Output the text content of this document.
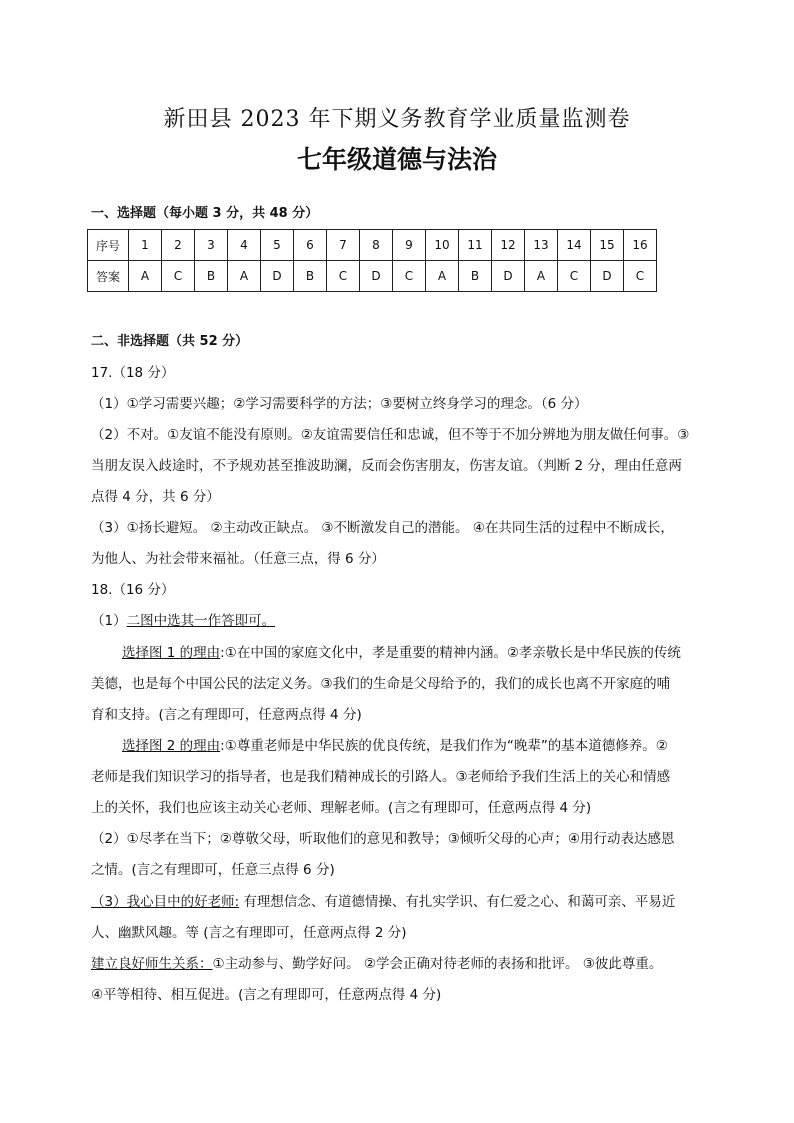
新田县 2023 年下期义务教育学业质量监测卷
七年级道德与法治
一、选择题（每小题 3 分，共 48 分）
序号	1	2	3	4	5	6	7	8	9	10	11	12	13	14	15	16
答案	A	C	B	A	D	B	C	D	C	A	B	D	A	C	D	C
二、非选择题（共 52 分）
17.（18 分）
（1）①学习需要兴趣；②学习需要科学的方法；③要树立终身学习的理念。（6 分）
（2）不对。①友谊不能没有原则。②友谊需要信任和忠诚，但不等于不加分辨地为朋友做任何事。③
当朋友误入歧途时，不予规劝甚至推波助澜，反而会伤害朋友，伤害友谊。（判断 2 分，理由任意两
点得 4 分，共 6 分）
（3）①扬长避短。 ②主动改正缺点。 ③不断激发自己的潜能。 ④在共同生活的过程中不断成长，
为他人、为社会带来福祉。（任意三点，得 6 分）
18.（16 分）
（1）二图中选其一作答即可。
选择图 1 的理由:①在中国的家庭文化中，孝是重要的精神内涵。②孝亲敬长是中华民族的传统
美德，也是每个中国公民的法定义务。③我们的生命是父母给予的，我们的成长也离不开家庭的哺
育和支持。(言之有理即可，任意两点得 4 分)
选择图 2 的理由:①尊重老师是中华民族的优良传统，是我们作为“晚辈”的基本道德修养。②
老师是我们知识学习的指导者，也是我们精神成长的引路人。③老师给予我们生活上的关心和情感
上的关怀，我们也应该主动关心老师、理解老师。(言之有理即可，任意两点得 4 分)
（2）①尽孝在当下；②尊敬父母，听取他们的意见和教导；③倾听父母的心声；④用行动表达感恩
之情。(言之有理即可，任意三点得 6 分)
（3）我心目中的好老师: 有理想信念、有道德情操、有扎实学识、有仁爱之心、和蔼可亲、平易近
人、幽默风趣。等 (言之有理即可，任意两点得 2 分)
建立良好师生关系：①主动参与、勤学好问。 ②学会正确对待老师的表扬和批评。 ③彼此尊重。
④平等相待、相互促进。(言之有理即可，任意两点得 4 分)
